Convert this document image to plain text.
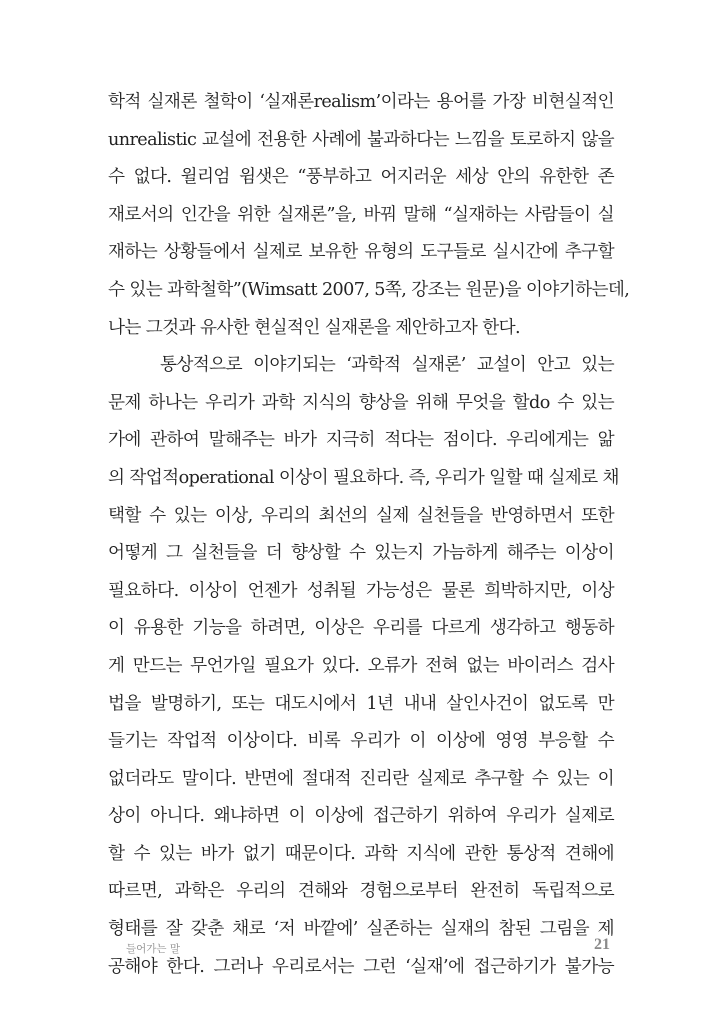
학적 실재론 철학이 ‘실재론realism’이라는 용어를 가장 비현실적인
unrealistic 교설에 전용한 사례에 불과하다는 느낌을 토로하지 않을
수 없다. 윌리엄 윔샛은 “풍부하고 어지러운 세상 안의 유한한 존
재로서의 인간을 위한 실재론”을, 바꿔 말해 “실재하는 사람들이 실
재하는 상황들에서 실제로 보유한 유형의 도구들로 실시간에 추구할
수 있는 과학철학”(Wimsatt 2007, 5쪽, 강조는 원문)을 이야기하는데,
나는 그것과 유사한 현실적인 실재론을 제안하고자 한다.
통상적으로 이야기되는 ‘과학적 실재론’ 교설이 안고 있는
문제 하나는 우리가 과학 지식의 향상을 위해 무엇을 할do 수 있는
가에 관하여 말해주는 바가 지극히 적다는 점이다. 우리에게는 앎
의 작업적operational 이상이 필요하다. 즉, 우리가 일할 때 실제로 채
택할 수 있는 이상, 우리의 최선의 실제 실천들을 반영하면서 또한
어떻게 그 실천들을 더 향상할 수 있는지 가늠하게 해주는 이상이
필요하다. 이상이 언젠가 성취될 가능성은 물론 희박하지만, 이상
이 유용한 기능을 하려면, 이상은 우리를 다르게 생각하고 행동하
게 만드는 무언가일 필요가 있다. 오류가 전혀 없는 바이러스 검사
법을 발명하기, 또는 대도시에서 1년 내내 살인사건이 없도록 만
들기는 작업적 이상이다. 비록 우리가 이 이상에 영영 부응할 수
없더라도 말이다. 반면에 절대적 진리란 실제로 추구할 수 있는 이
상이 아니다. 왜냐하면 이 이상에 접근하기 위하여 우리가 실제로
할 수 있는 바가 없기 때문이다. 과학 지식에 관한 통상적 견해에
따르면, 과학은 우리의 견해와 경험으로부터 완전히 독립적으로
형태를 잘 갖춘 채로 ‘저 바깥에’ 실존하는 실재의 참된 그림을 제
공해야 한다. 그러나 우리로서는 그런 ‘실재’에 접근하기가 불가능
들어가는 말	21
